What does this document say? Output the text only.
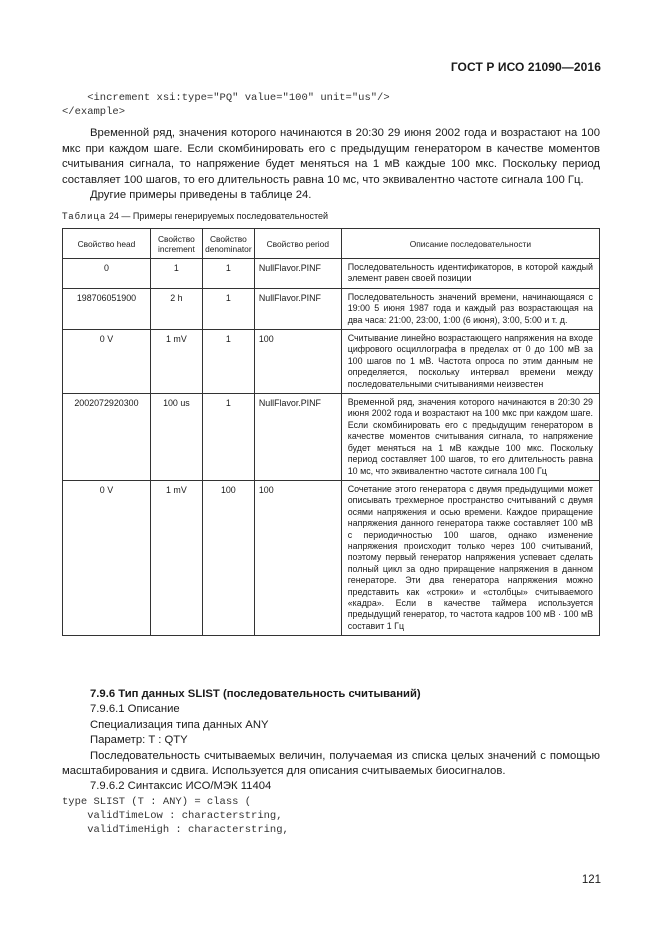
ГОСТ Р ИСО 21090—2016
<increment xsi:type="PQ" value="100" unit="us"/>
</example>

Временной ряд, значения которого начинаются в 20:30 29 июня 2002 года и возрастают на 100 мкс при каждом шаге. Если скомбинировать его с предыдущим генератором в качестве моментов считывания сигнала, то напряжение будет меняться на 1 мВ каждые 100 мкс. Поскольку период составляет 100 шагов, то его длительность равна 10 мс, что эквивалентно частоте сигнала 100 Гц.

Другие примеры приведены в таблице 24.

Таблица 24 — Примеры генерируемых последовательностей
Свойство head	Свойство increment	Свойство denominator	Свойство period	Описание последовательности
0	1	1	NullFlavor.PINF	Последовательность идентификаторов, в которой каждый элемент равен своей позиции
198706051900	2 h	1	NullFlavor.PINF	Последовательность значений времени, начинающаяся с 19:00 5 июня 1987 года и каждый раз возрастающая на два часа: 21:00, 23:00, 1:00 (6 июня), 3:00, 5:00 и т. д.
0 V	1 mV	1	100	Считывание линейно возрастающего напряжения на входе цифрового осциллографа в пределах от 0 до 100 мВ за 100 шагов по 1 мВ. Частота опроса по этим данным не определяется, поскольку интервал времени между последовательными считываниями неизвестен
2002072920300	100 us	1	NullFlavor.PINF	Временной ряд, значения которого начинаются в 20:30 29 июня 2002 года и возрастают на 100 мкс при каждом шаге. Если скомбинировать его с предыдущим генератором в качестве моментов считывания сигнала, то напряжение будет меняться на 1 мВ каждые 100 мкс. Поскольку период составляет 100 шагов, то его длительность равна 10 мс, что эквивалентно частоте сигнала 100 Гц
0 V	1 mV	100	100	Сочетание этого генератора с двумя предыдущими может описывать трехмерное пространство считываний с двумя осями напряжения и осью времени. Каждое приращение напряжения данного генератора также составляет 100 мВ с периодичностью 100 шагов, однако изменение напряжения происходит только через 100 считываний, поэтому первый генератор напряжения успевает сделать полный цикл за одно приращение напряжения в данном генераторе. Эти два генератора напряжения можно представить как «строки» и «столбцы» считываемого «кадра». Если в качестве таймера используется предыдущий генератор, то частота кадров 100 мВ · 100 мВ составит 1 Гц
7.9.6 Тип данных SLIST (последовательность считываний)
7.9.6.1 Описание
Специализация типа данных ANY
Параметр: T : QTY
Последовательность считываемых величин, получаемая из списка целых значений с помощью масштабирования и сдвига. Используется для описания считываемых биосигналов.
7.9.6.2 Синтаксис ИСО/МЭК 11404
type SLIST (T : ANY) = class (
validTimeLow : characterstring,
validTimeHigh : characterstring,
121
